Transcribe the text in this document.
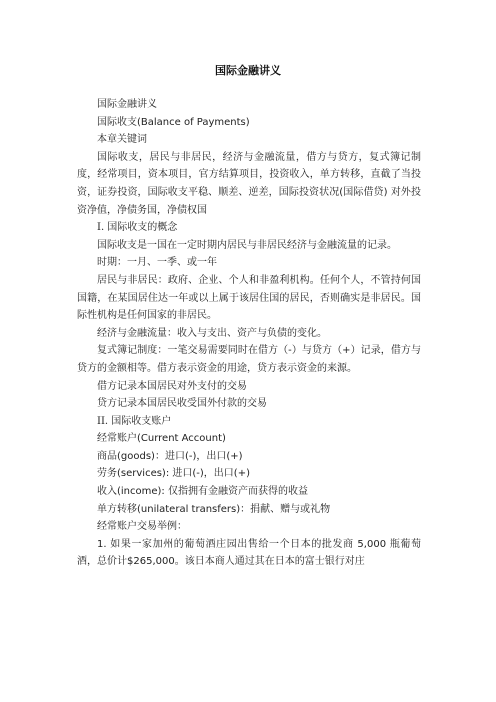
国际金融讲义

国际金融讲义

国际收支(Balance of Payments)

本章关键词

国际收支，居民与非居民，经济与金融流量，借方与贷方，复式簿记制度，经常项目，资本项目，官方结算项目，投资收入，单方转移，直截了当投资，证券投资，国际收支平稳、顺差、逆差，国际投资状况(国际借贷) 对外投资净值，净债务国，净债权国

I. 国际收支的概念

国际收支是一国在一定时期内居民与非居民经济与金融流量的记录。

时期：一月、一季、或一年

居民与非居民：政府、企业、个人和非盈利机构。任何个人，不管持何国国籍，在某国居住达一年或以上属于该居住国的居民，否则确实是非居民。国际性机构是任何国家的非居民。

经济与金融流量：收入与支出、资产与负债的变化。

复式簿记制度：一笔交易需要同时在借方（-）与贷方（+）记录，借方与贷方的金额相等。借方表示资金的用途，贷方表示资金的来源。

借方记录本国居民对外支付的交易

贷方记录本国居民收受国外付款的交易

II. 国际收支账户

经常账户(Current Account)

商品(goods)：进口(-)，出口(+)

劳务(services): 进口(-)，出口(+)

收入(income): 仅指拥有金融资产而获得的收益

单方转移(unilateral transfers)：捐献、赠与或礼物

经常账户交易举例：

1. 如果一家加州的葡萄酒庄园出售给一个日本的批发商 5,000 瓶葡萄酒，总价计$265,000。该日本商人通过其在日本的富士银行对庄
